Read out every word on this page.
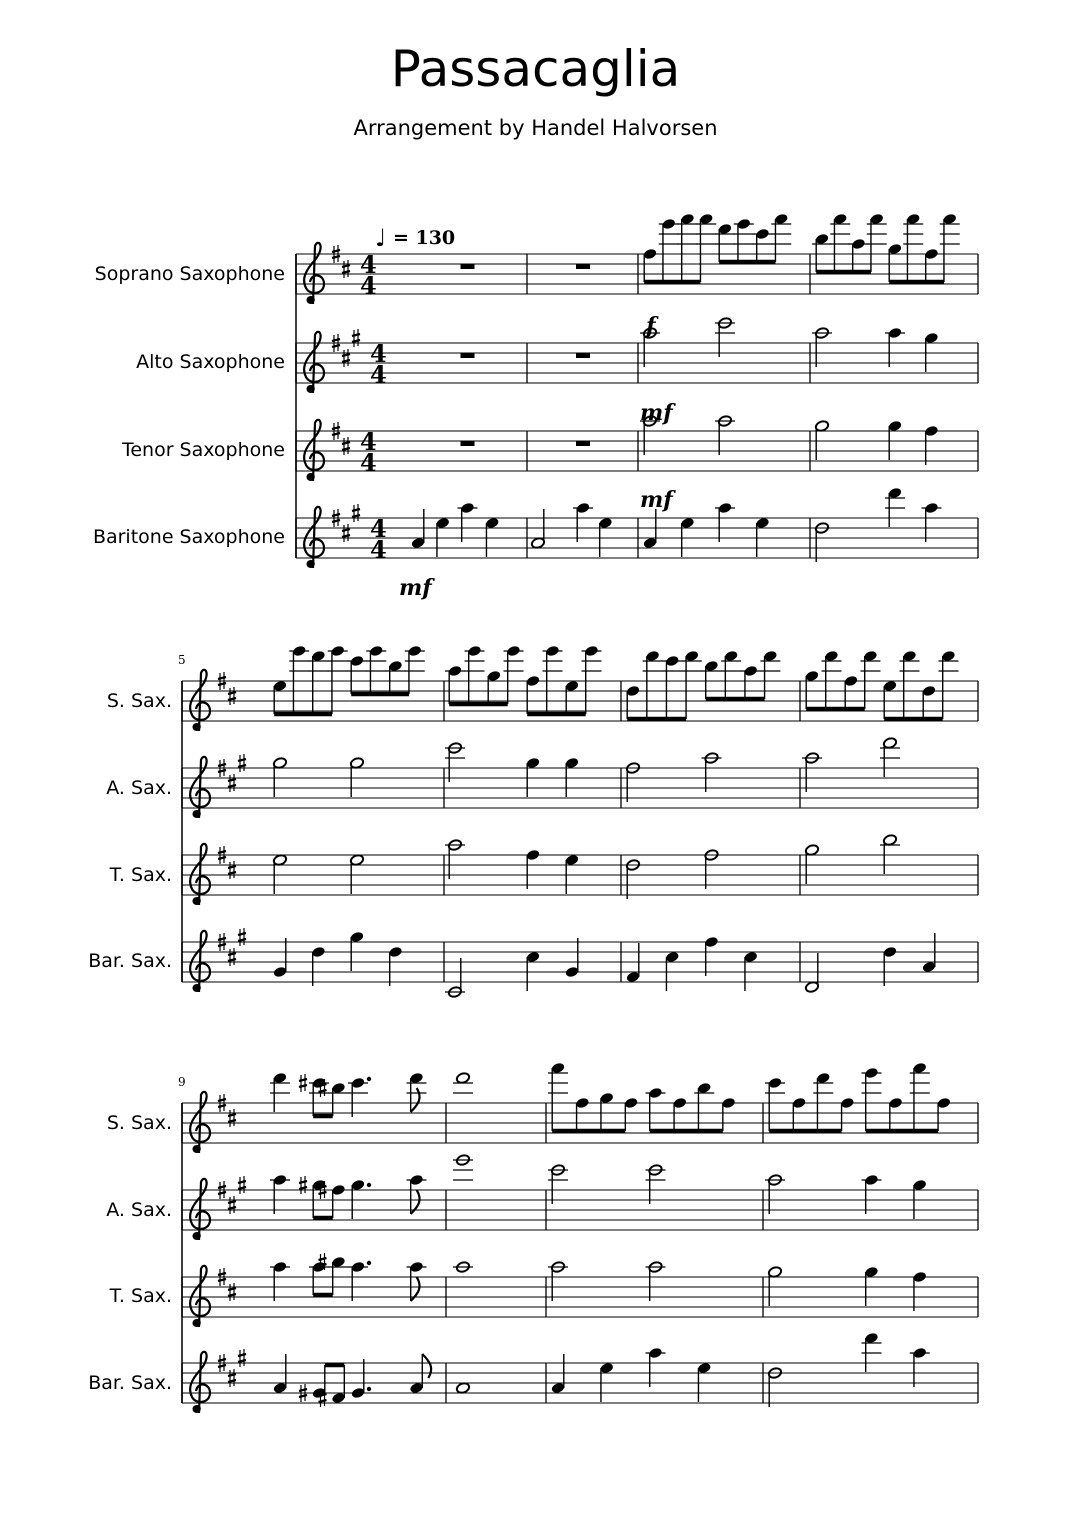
Passacaglia
Arrangement by Handel Halvorsen
♩ = 130
Soprano Saxophone
Alto Saxophone
Tenor Saxophone
Baritone Saxophone
S. Sax.
A. Sax.
T. Sax.
Bar. Sax.
S. Sax.
A. Sax.
T. Sax.
Bar. Sax.
5
9
f
mf
mf
mf
4
4
4
4
4
4
4
4
